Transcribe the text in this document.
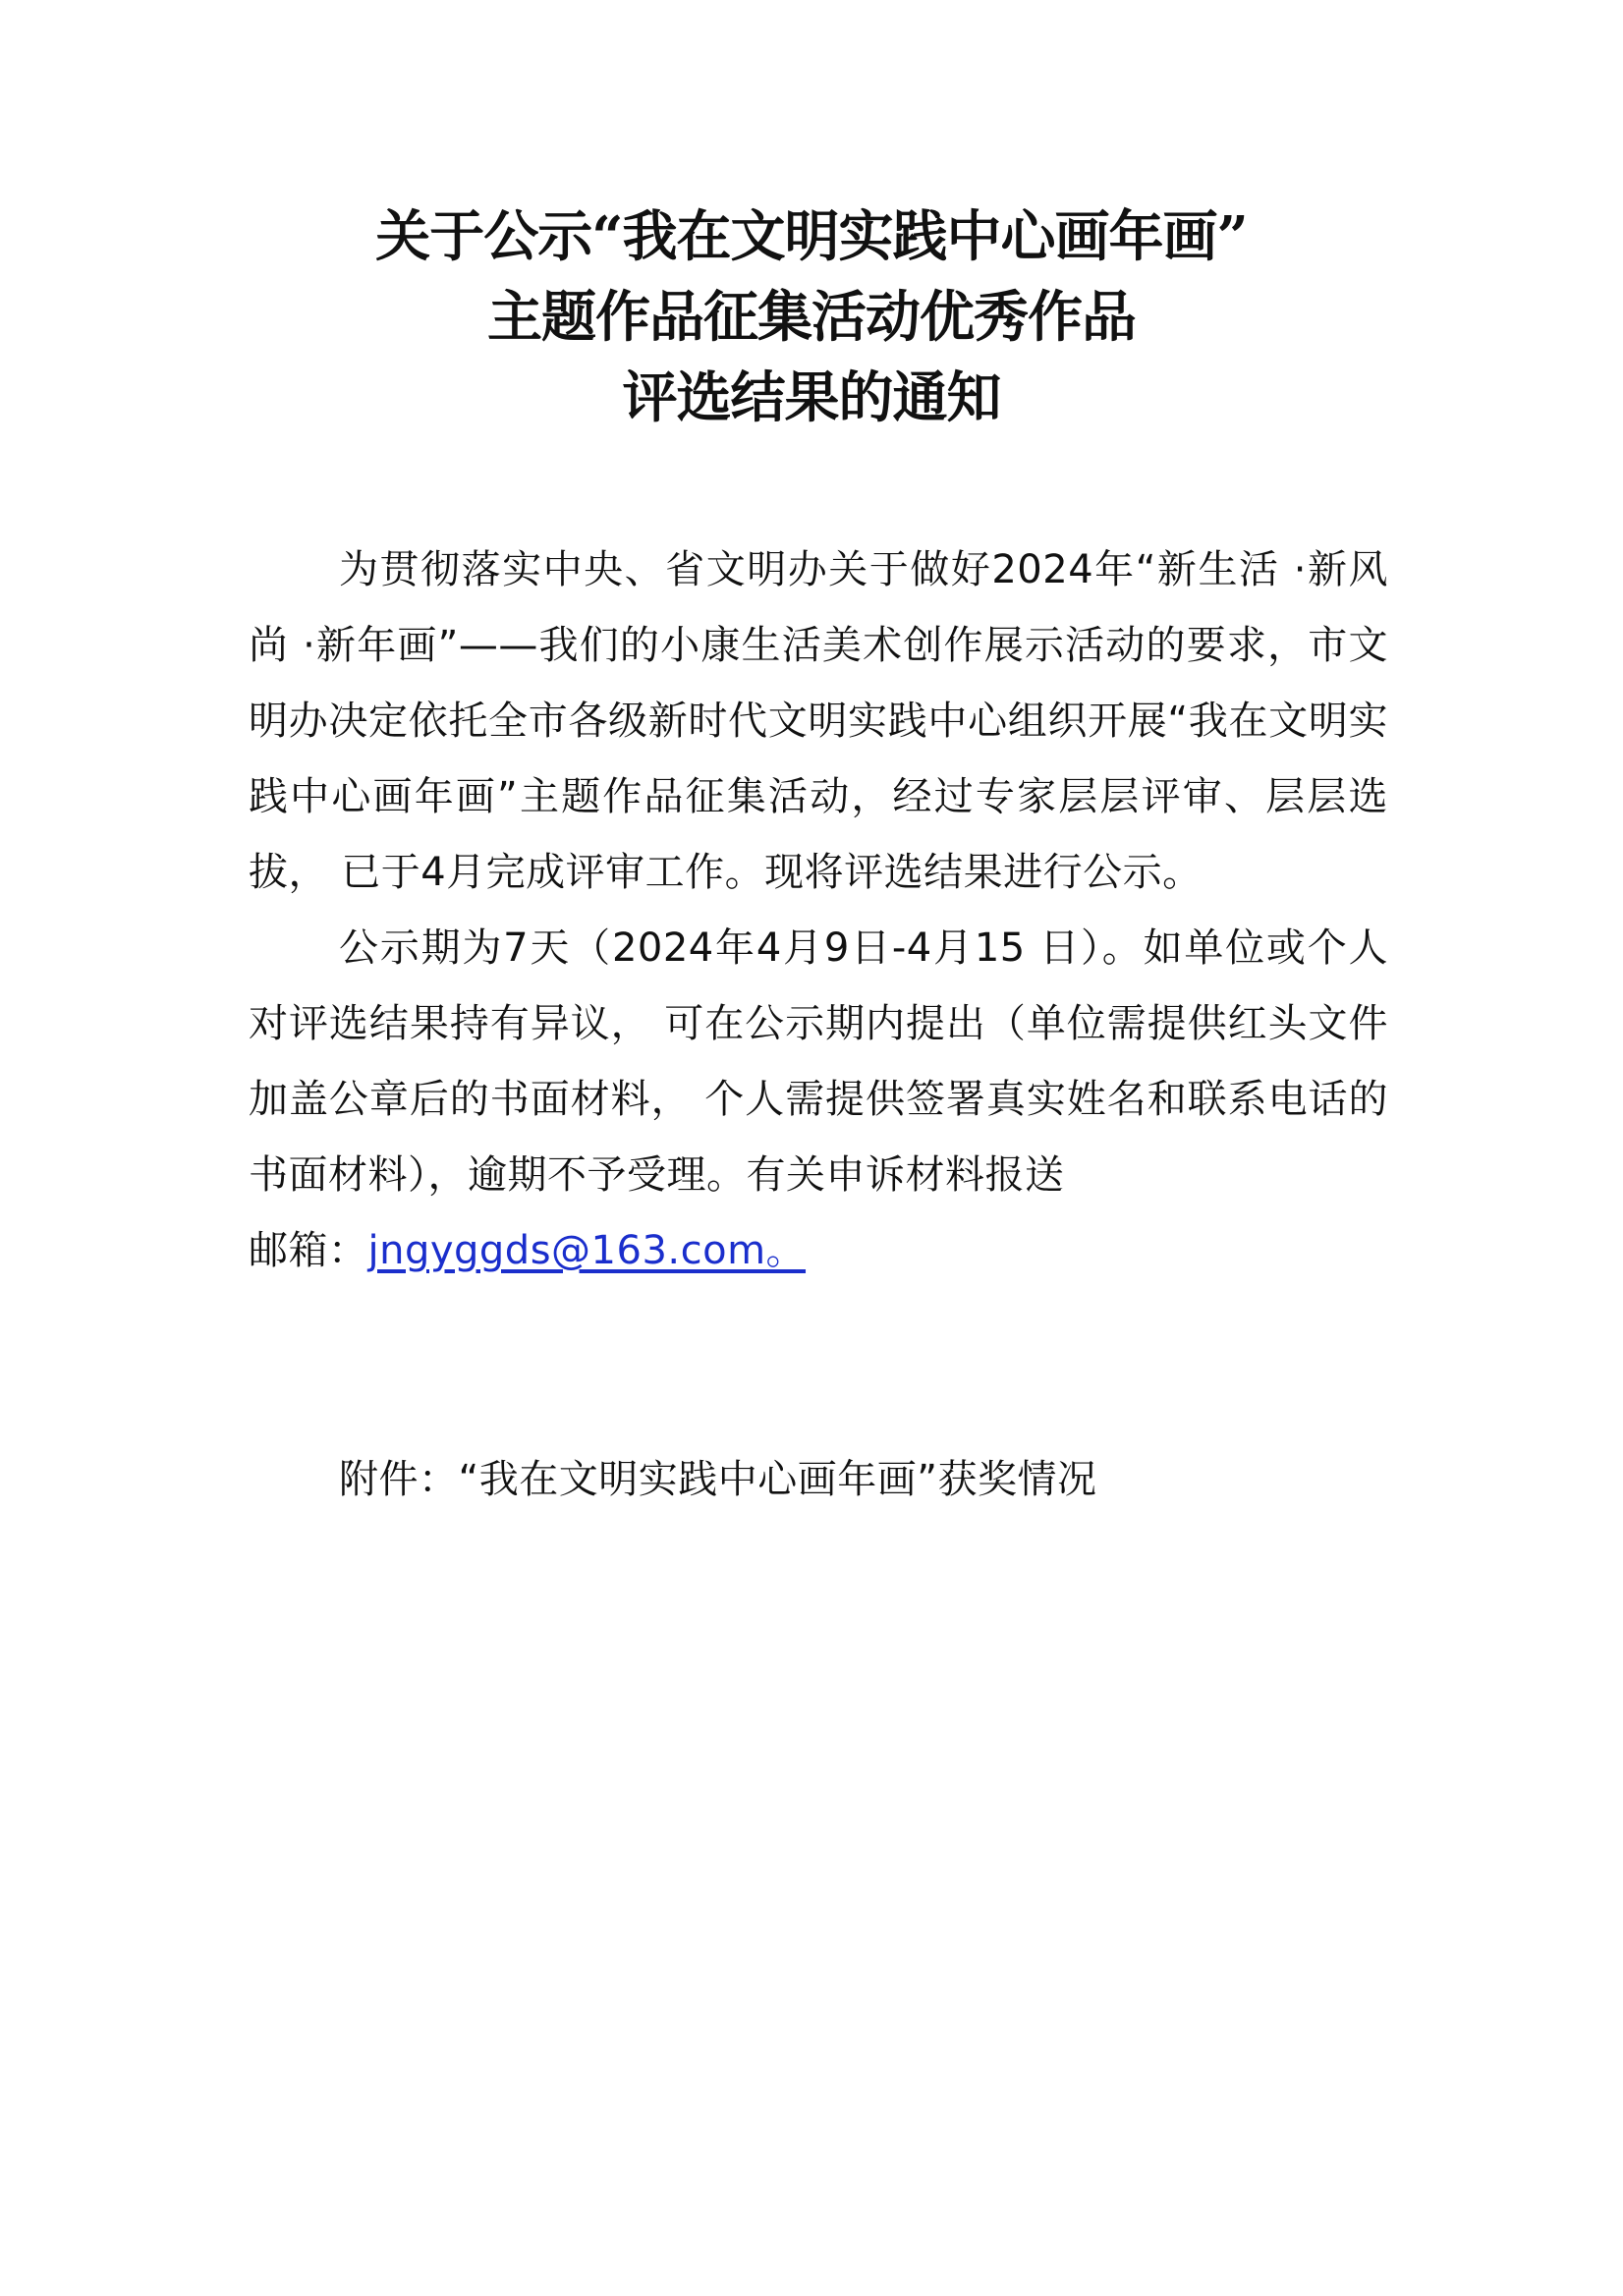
关于公示“我在文明实践中心画年画”
主题作品征集活动优秀作品
评选结果的通知

为贯彻落实中央、省文明办关于做好2024年“新生活 ·新风尚 ·新年画”——我们的小康生活美术创作展示活动的要求，市文明办决定依托全市各级新时代文明实践中心组织开展“我在文明实践中心画年画”主题作品征集活动，经过专家层层评审、层层选拔， 已于4月完成评审工作。现将评选结果进行公示。

公示期为7天（2024年4月9日-4月15 日）。如单位或个人对评选结果持有异议， 可在公示期内提出（单位需提供红头文件加盖公章后的书面材料， 个人需提供签署真实姓名和联系电话的书面材料），逾期不予受理。有关申诉材料报送

邮箱：jngyggds@163.com。

附件：“我在文明实践中心画年画”获奖情况
